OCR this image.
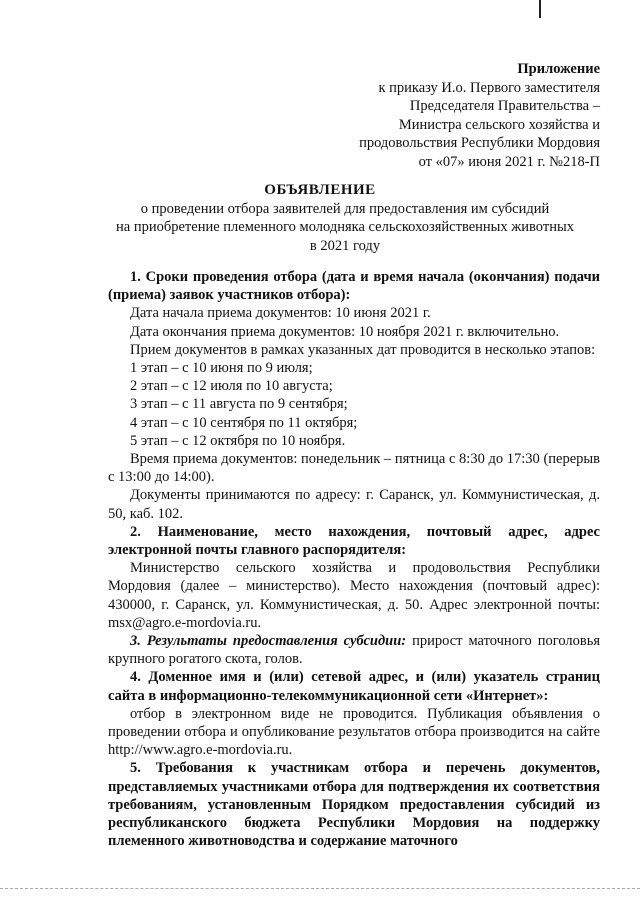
Приложение
к приказу И.о. Первого заместителя
Председателя Правительства –
Министра сельского хозяйства и
продовольствия Республики Мордовия
от «07» июня 2021 г. №218-П
ОБЪЯВЛЕНИЕ
о проведении отбора заявителей для предоставления им субсидий
на приобретение племенного молодняка сельскохозяйственных животных
в 2021 году
1. Сроки проведения отбора (дата и время начала (окончания) подачи (приема) заявок участников отбора):
Дата начала приема документов: 10 июня 2021 г.
Дата окончания приема документов: 10 ноября 2021 г. включительно.
Прием документов в рамках указанных дат проводится в несколько этапов:
1 этап – с 10 июня по 9 июля;
2 этап – с 12 июля по 10 августа;
3 этап – с 11 августа по 9 сентября;
4 этап – с 10 сентября по 11 октября;
5 этап – с 12 октября по 10 ноября.
Время приема документов: понедельник – пятница с 8:30 до 17:30 (перерыв с 13:00 до 14:00).
Документы принимаются по адресу: г. Саранск, ул. Коммунистическая, д. 50, каб. 102.
2. Наименование, место нахождения, почтовый адрес, адрес электронной почты главного распорядителя:
Министерство сельского хозяйства и продовольствия Республики Мордовия (далее – министерство). Место нахождения (почтовый адрес): 430000, г. Саранск, ул. Коммунистическая, д. 50. Адрес электронной почты: msx@agro.e-mordovia.ru.
3. Результаты предоставления субсидии: прирост маточного поголовья крупного рогатого скота, голов.
4. Доменное имя и (или) сетевой адрес, и (или) указатель страниц сайта в информационно-телекоммуникационной сети «Интернет»:
отбор в электронном виде не проводится. Публикация объявления о проведении отбора и опубликование результатов отбора производится на сайте http://www.agro.e-mordovia.ru.
5. Требования к участникам отбора и перечень документов, представляемых участниками отбора для подтверждения их соответствия требованиям, установленным Порядком предоставления субсидий из республиканского бюджета Республики Мордовия на поддержку племенного животноводства и содержание маточного
